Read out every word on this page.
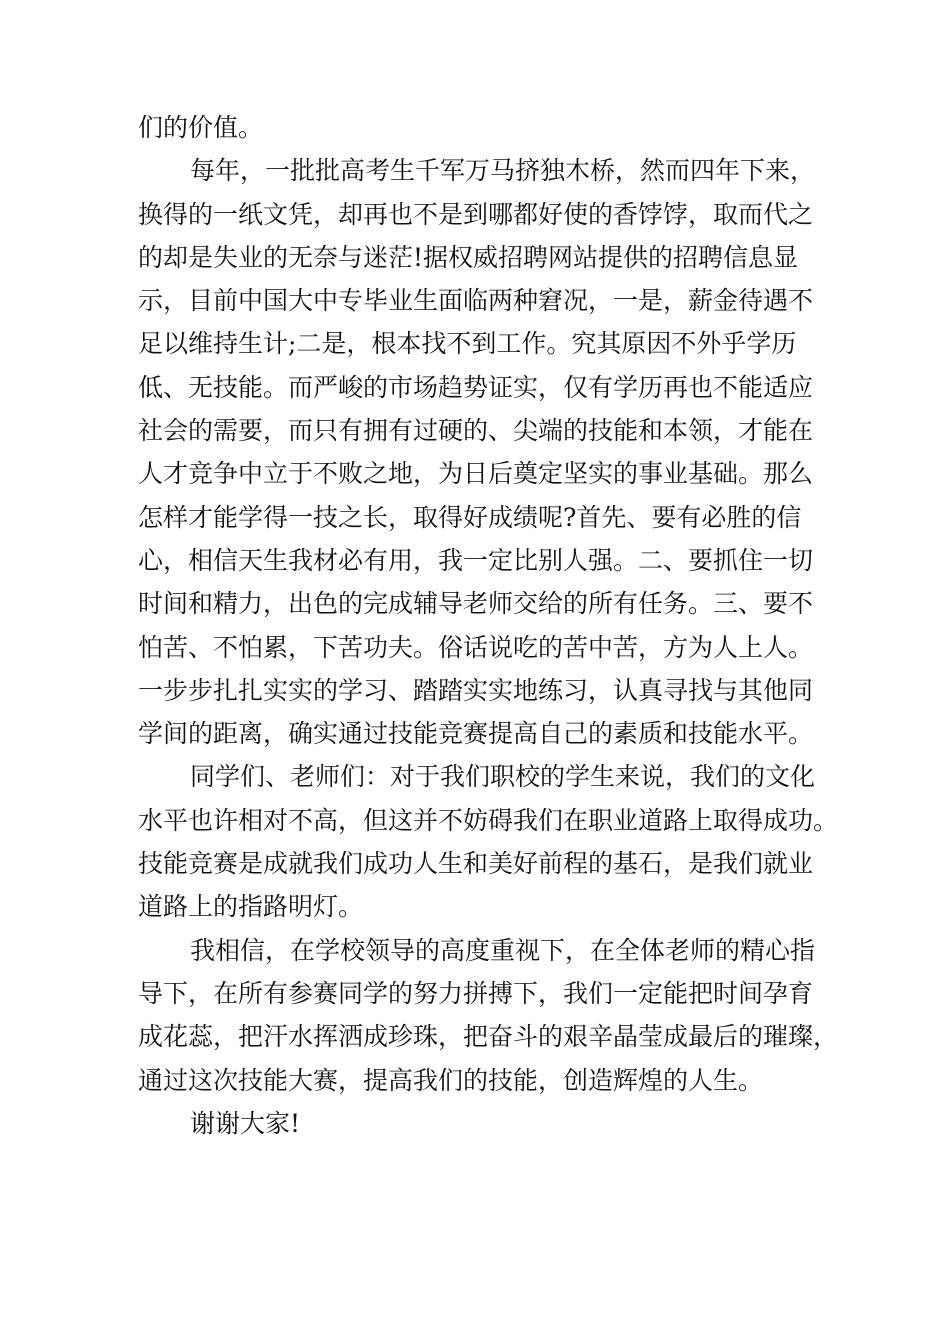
们的价值。
每年，一批批高考生千军万马挤独木桥，然而四年下来，
换得的一纸文凭，却再也不是到哪都好使的香饽饽，取而代之
的却是失业的无奈与迷茫!据权威招聘网站提供的招聘信息显
示，目前中国大中专毕业生面临两种窘况，一是，薪金待遇不
足以维持生计;二是，根本找不到工作。究其原因不外乎学历
低、无技能。而严峻的市场趋势证实，仅有学历再也不能适应
社会的需要，而只有拥有过硬的、尖端的技能和本领，才能在
人才竞争中立于不败之地，为日后奠定坚实的事业基础。那么
怎样才能学得一技之长，取得好成绩呢?首先、要有必胜的信
心，相信天生我材必有用，我一定比别人强。二、要抓住一切
时间和精力，出色的完成辅导老师交给的所有任务。三、要不
怕苦、不怕累，下苦功夫。俗话说吃的苦中苦，方为人上人。
一步步扎扎实实的学习、踏踏实实地练习，认真寻找与其他同
学间的距离，确实通过技能竞赛提高自己的素质和技能水平。
同学们、老师们：对于我们职校的学生来说，我们的文化
水平也许相对不高，但这并不妨碍我们在职业道路上取得成功。
技能竞赛是成就我们成功人生和美好前程的基石，是我们就业
道路上的指路明灯。
我相信，在学校领导的高度重视下，在全体老师的精心指
导下，在所有参赛同学的努力拼搏下，我们一定能把时间孕育
成花蕊，把汗水挥洒成珍珠，把奋斗的艰辛晶莹成最后的璀璨，
通过这次技能大赛，提高我们的技能，创造辉煌的人生。
谢谢大家!
